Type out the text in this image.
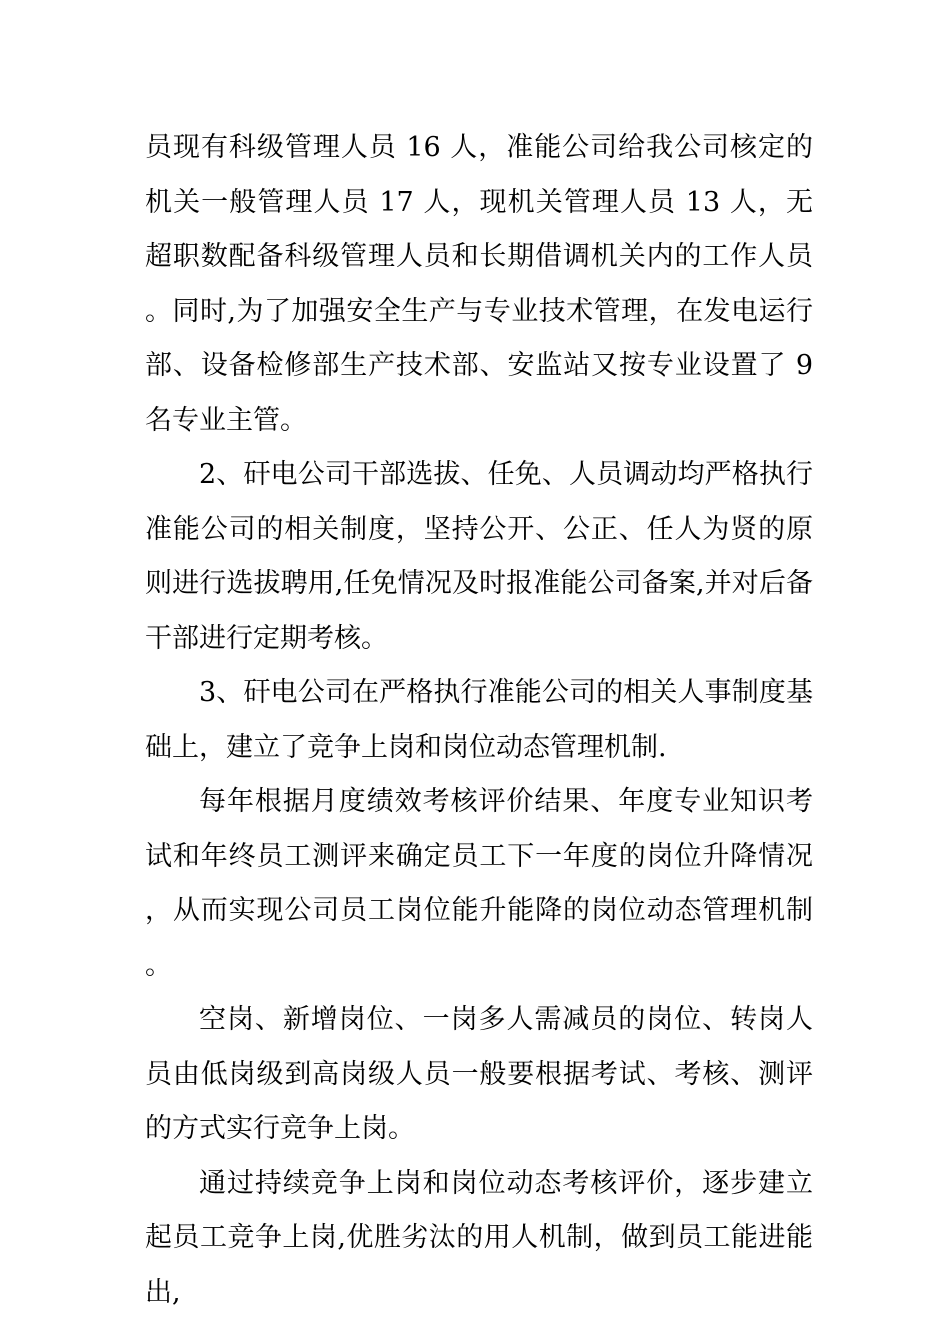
员现有科级管理人员 16 人，准能公司给我公司核定的机关一般管理人员 17 人，现机关管理人员 13 人，无超职数配备科级管理人员和长期借调机关内的工作人员。同时,为了加强安全生产与专业技术管理，在发电运行部、设备检修部生产技术部、安监站又按专业设置了 9 名专业主管。

2、矸电公司干部选拔、任免、人员调动均严格执行准能公司的相关制度，坚持公开、公正、任人为贤的原则进行选拔聘用,任免情况及时报准能公司备案,并对后备干部进行定期考核。

3、矸电公司在严格执行准能公司的相关人事制度基础上，建立了竞争上岗和岗位动态管理机制.

每年根据月度绩效考核评价结果、年度专业知识考试和年终员工测评来确定员工下一年度的岗位升降情况，从而实现公司员工岗位能升能降的岗位动态管理机制。

空岗、新增岗位、一岗多人需减员的岗位、转岗人员由低岗级到高岗级人员一般要根据考试、考核、测评的方式实行竞争上岗。

通过持续竞争上岗和岗位动态考核评价，逐步建立起员工竞争上岗,优胜劣汰的用人机制，做到员工能进能出,
